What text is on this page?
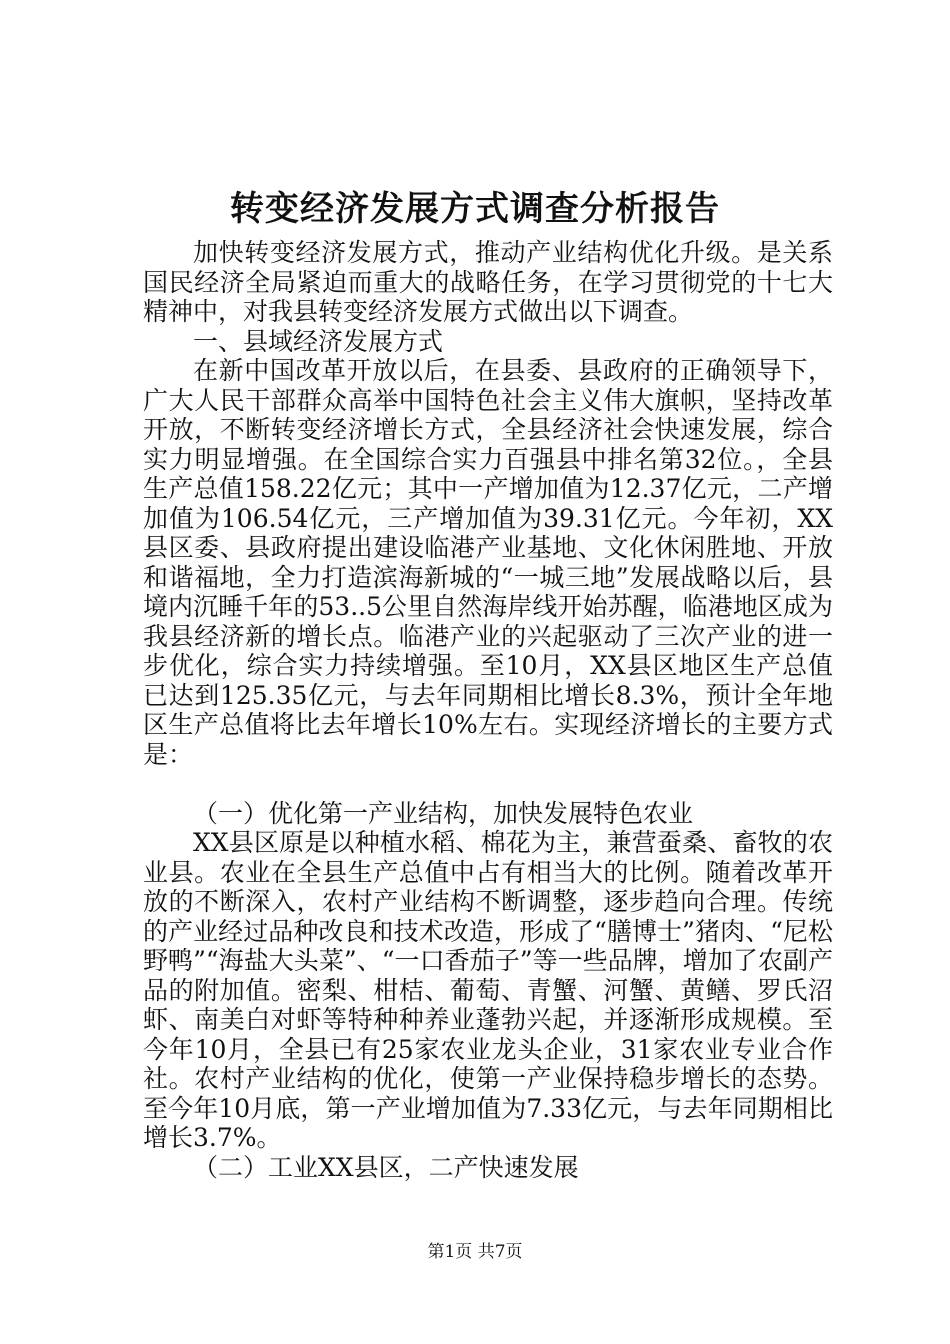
转变经济发展方式调查分析报告

加快转变经济发展方式，推动产业结构优化升级。是关系国民经济全局紧迫而重大的战略任务，在学习贯彻党的十七大精神中，对我县转变经济发展方式做出以下调查。

一、县域经济发展方式

在新中国改革开放以后，在县委、县政府的正确领导下，广大人民干部群众高举中国特色社会主义伟大旗帜，坚持改革开放，不断转变经济增长方式，全县经济社会快速发展，综合实力明显增强。在全国综合实力百强县中排名第32位。，全县生产总值158.22亿元；其中一产增加值为12.37亿元，二产增加值为106.54亿元，三产增加值为39.31亿元。今年初，XX县区委、县政府提出建设临港产业基地、文化休闲胜地、开放和谐福地，全力打造滨海新城的“一城三地”发展战略以后，县境内沉睡千年的53..5公里自然海岸线开始苏醒，临港地区成为我县经济新的增长点。临港产业的兴起驱动了三次产业的进一步优化，综合实力持续增强。至10月，XX县区地区生产总值已达到125.35亿元，与去年同期相比增长8.3%，预计全年地区生产总值将比去年增长10%左右。实现经济增长的主要方式是：

（一）优化第一产业结构，加快发展特色农业

XX县区原是以种植水稻、棉花为主，兼营蚕桑、畜牧的农业县。农业在全县生产总值中占有相当大的比例。随着改革开放的不断深入，农村产业结构不断调整，逐步趋向合理。传统的产业经过品种改良和技术改造，形成了“膳博士”猪肉、“尼松野鸭”“海盐大头菜”、“一口香茄子”等一些品牌，增加了农副产品的附加值。密梨、柑桔、葡萄、青蟹、河蟹、黄鳝、罗氏沼虾、南美白对虾等特种种养业蓬勃兴起，并逐渐形成规模。至今年10月，全县已有25家农业龙头企业，31家农业专业合作社。农村产业结构的优化，使第一产业保持稳步增长的态势。至今年10月底，第一产业增加值为7.33亿元，与去年同期相比增长3.7%。

（二）工业XX县区，二产快速发展

第1页 共7页
